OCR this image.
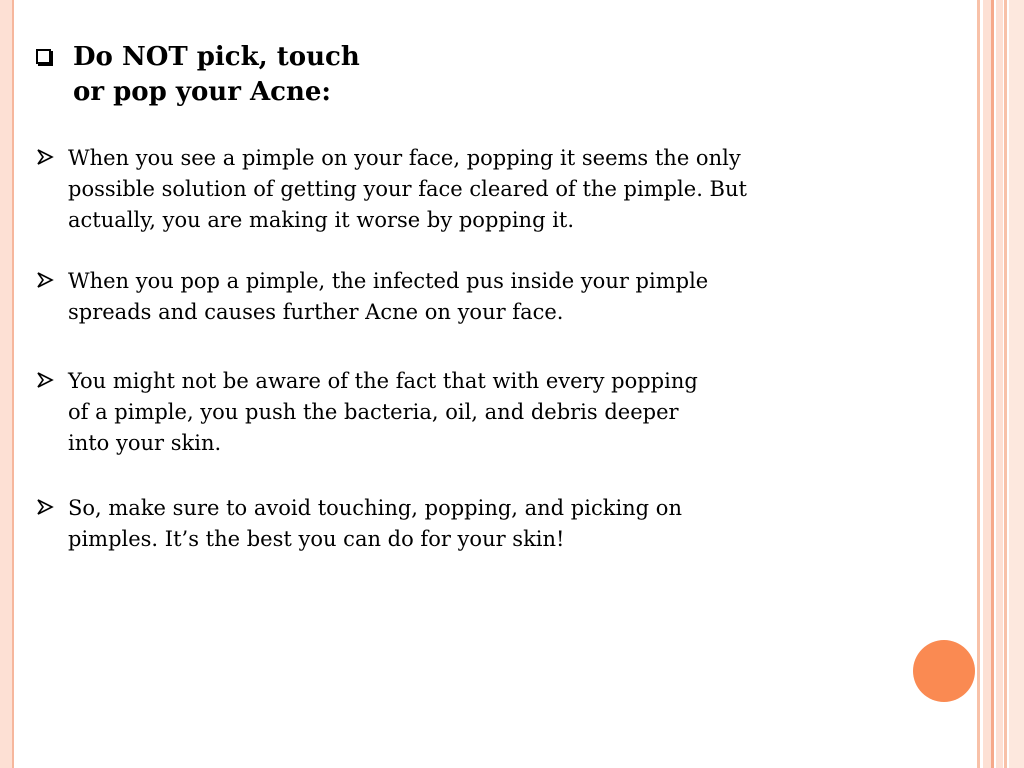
Do NOT pick, touch
or pop your Acne:
When you see a pimple on your face, popping it seems the only
possible solution of getting your face cleared of the pimple. But
actually, you are making it worse by popping it.
When you pop a pimple, the infected pus inside your pimple
spreads and causes further Acne on your face.
You might not be aware of the fact that with every popping
of a pimple, you push the bacteria, oil, and debris deeper
into your skin.
So, make sure to avoid touching, popping, and picking on
pimples. It’s the best you can do for your skin!
